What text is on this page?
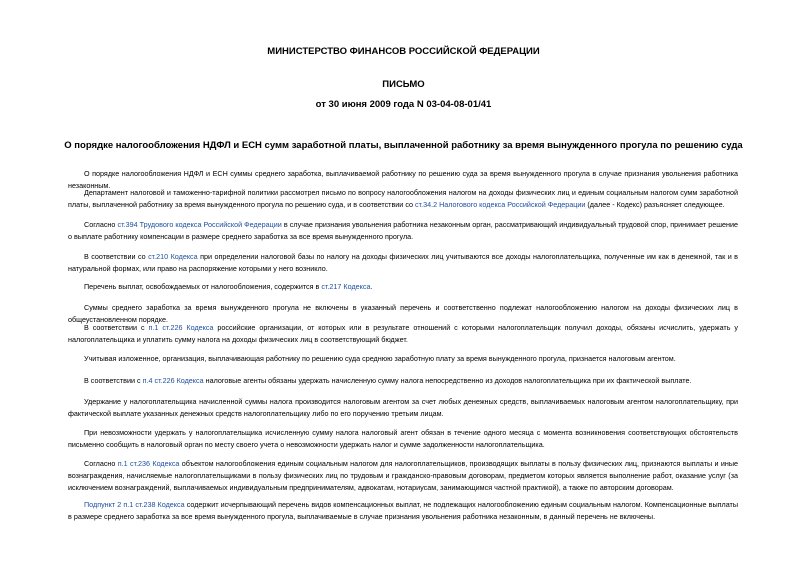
МИНИСТЕРСТВО ФИНАНСОВ РОССИЙСКОЙ ФЕДЕРАЦИИ
ПИСЬМО
от 30 июня 2009 года N 03-04-08-01/41
О порядке налогообложения НДФЛ и ЕСН сумм заработной платы, выплаченной работнику за время вынужденного прогула по решению суда

О порядке налогообложения НДФЛ и ЕСН суммы среднего заработка, выплачиваемой работнику по решению суда за время вынужденного прогула в случае признания увольнения работника незаконным.

Департамент налоговой и таможенно-тарифной политики рассмотрел письмо по вопросу налогообложения налогом на доходы физических лиц и единым социальным налогом сумм заработной платы, выплаченной работнику за время вынужденного прогула по решению суда, и в соответствии со ст.34.2 Налогового кодекса Российской Федерации (далее - Кодекс) разъясняет следующее.

Согласно ст.394 Трудового кодекса Российской Федерации в случае признания увольнения работника незаконным орган, рассматривающий индивидуальный трудовой спор, принимает решение о выплате работнику компенсации в размере среднего заработка за все время вынужденного прогула.

В соответствии со ст.210 Кодекса при определении налоговой базы по налогу на доходы физических лиц учитываются все доходы налогоплательщика, полученные им как в денежной, так и в натуральной формах, или право на распоряжение которыми у него возникло.

Перечень выплат, освобождаемых от налогообложения, содержится в ст.217 Кодекса.

Суммы среднего заработка за время вынужденного прогула не включены в указанный перечень и соответственно подлежат налогообложению налогом на доходы физических лиц в общеустановленном порядке.

В соответствии с п.1 ст.226 Кодекса российские организации, от которых или в результате отношений с которыми налогоплательщик получил доходы, обязаны исчислить, удержать у налогоплательщика и уплатить сумму налога на доходы физических лиц в соответствующий бюджет.

Учитывая изложенное, организация, выплачивающая работнику по решению суда среднюю заработную плату за время вынужденного прогула, признается налоговым агентом.

В соответствии с п.4 ст.226 Кодекса налоговые агенты обязаны удержать начисленную сумму налога непосредственно из доходов налогоплательщика при их фактической выплате.

Удержание у налогоплательщика начисленной суммы налога производится налоговым агентом за счет любых денежных средств, выплачиваемых налоговым агентом налогоплательщику, при фактической выплате указанных денежных средств налогоплательщику либо по его поручению третьим лицам.

При невозможности удержать у налогоплательщика исчисленную сумму налога налоговый агент обязан в течение одного месяца с момента возникновения соответствующих обстоятельств письменно сообщить в налоговый орган по месту своего учета о невозможности удержать налог и сумме задолженности налогоплательщика.

Согласно п.1 ст.236 Кодекса объектом налогообложения единым социальным налогом для налогоплательщиков, производящих выплаты в пользу физических лиц, признаются выплаты и иные вознаграждения, начисляемые налогоплательщиками в пользу физических лиц по трудовым и гражданско-правовым договорам, предметом которых является выполнение работ, оказание услуг (за исключением вознаграждений, выплачиваемых индивидуальным предпринимателям, адвокатам, нотариусам, занимающимся частной практикой), а также по авторским договорам.

Подпункт 2 п.1 ст.238 Кодекса содержит исчерпывающий перечень видов компенсационных выплат, не подлежащих налогообложению единым социальным налогом. Компенсационные выплаты в размере среднего заработка за все время вынужденного прогула, выплачиваемые в случае признания увольнения работника незаконным, в данный перечень не включены.
